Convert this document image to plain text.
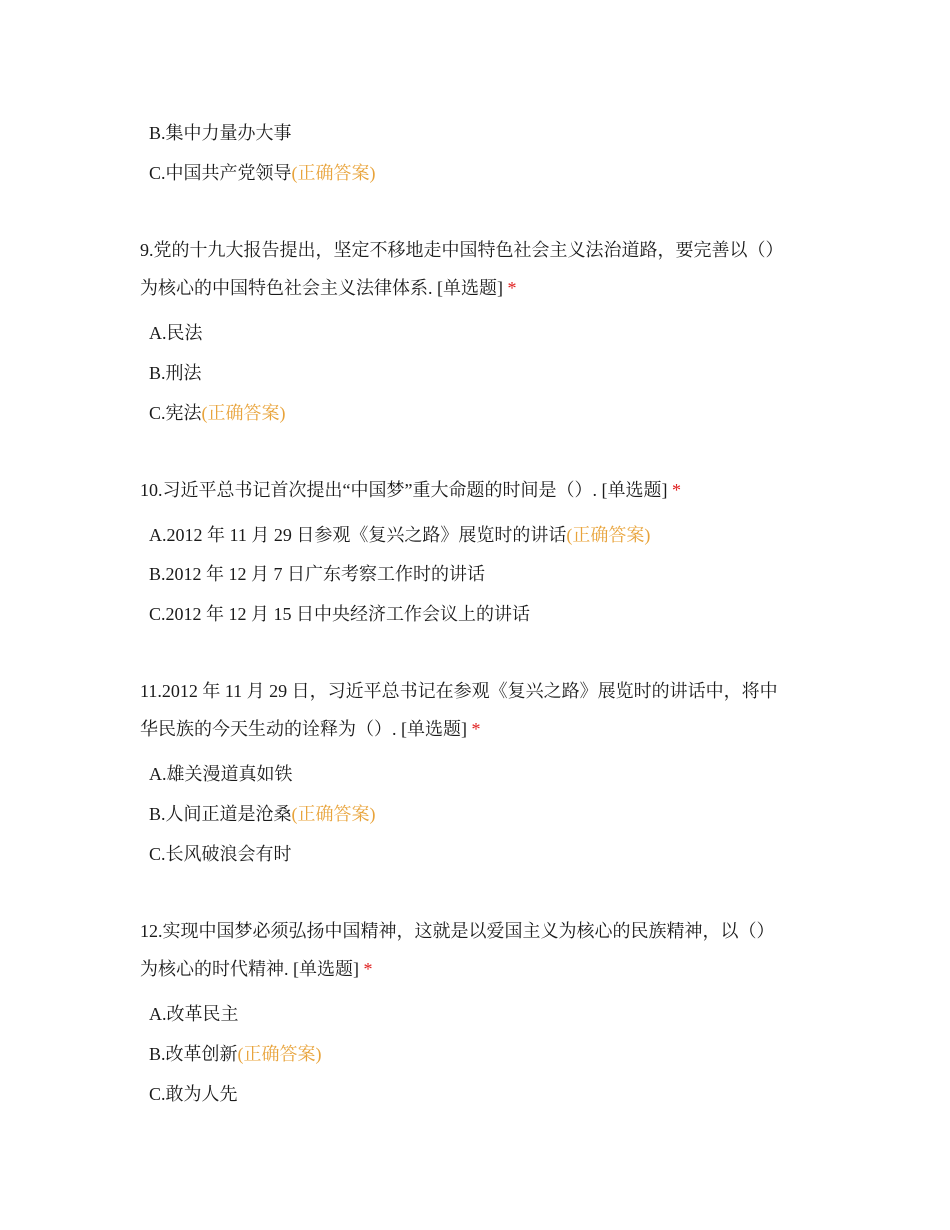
B.集中力量办大事
C.中国共产党领导(正确答案)
9.党的十九大报告提出，坚定不移地走中国特色社会主义法治道路，要完善以（）
为核心的中国特色社会主义法律体系. [单选题] *
A.民法
B.刑法
C.宪法(正确答案)
10.习近平总书记首次提出“中国梦”重大命题的时间是（）. [单选题] *
A.2012 年 11 月 29 日参观《复兴之路》展览时的讲话(正确答案)
B.2012 年 12 月 7 日广东考察工作时的讲话
C.2012 年 12 月 15 日中央经济工作会议上的讲话
11.2012 年 11 月 29 日，习近平总书记在参观《复兴之路》展览时的讲话中，将中
华民族的今天生动的诠释为（）. [单选题] *
A.雄关漫道真如铁
B.人间正道是沧桑(正确答案)
C.长风破浪会有时
12.实现中国梦必须弘扬中国精神，这就是以爱国主义为核心的民族精神，以（）
为核心的时代精神. [单选题] *
A.改革民主
B.改革创新(正确答案)
C.敢为人先
